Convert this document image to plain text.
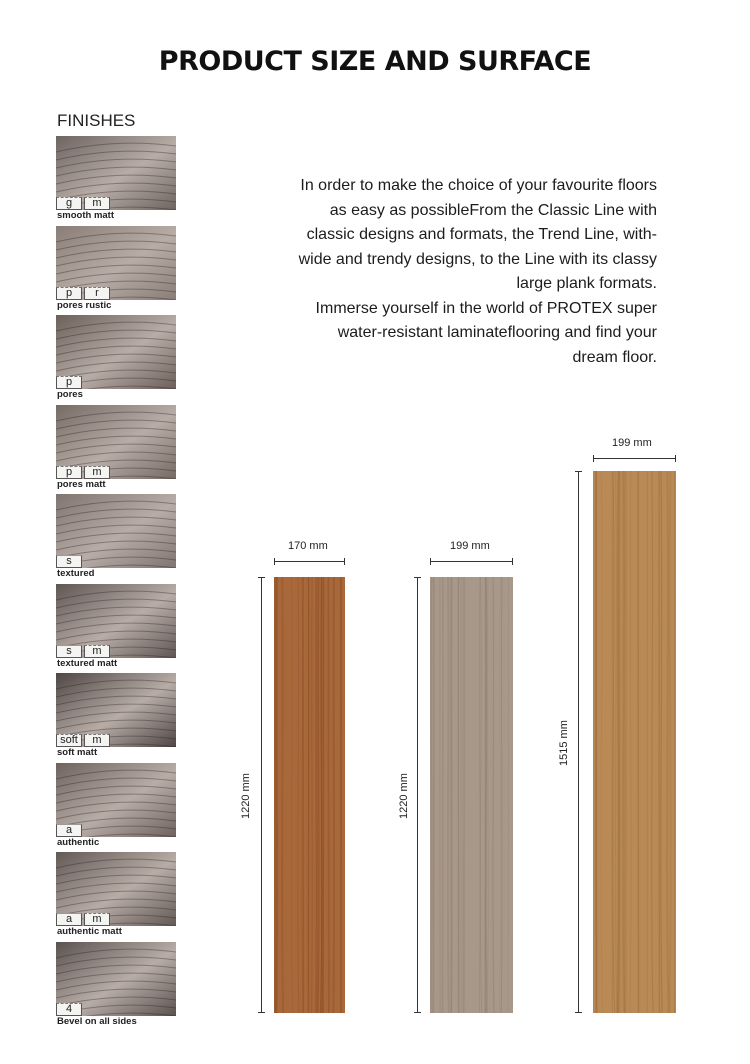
PRODUCT SIZE AND SURFACE
FINISHES
g	m
smooth matt
p	r
pores rustic
p
pores
p	m
pores matt
s
textured
s	m
textured matt
soft	m
soft matt
a
authentic
a	m
authentic matt
4
Bevel on all sides

In order to make the choice of your favourite floors

as easy as possibleFrom the Classic Line with

classic designs and formats, the Trend Line, with-

wide and trendy designs, to the Line with its classy

large plank formats.

Immerse yourself in the world of PROTEX super

water-resistant laminateflooring and find your

dream floor.

170 mm
1220 mm
199 mm
1220 mm
199 mm
1515 mm
